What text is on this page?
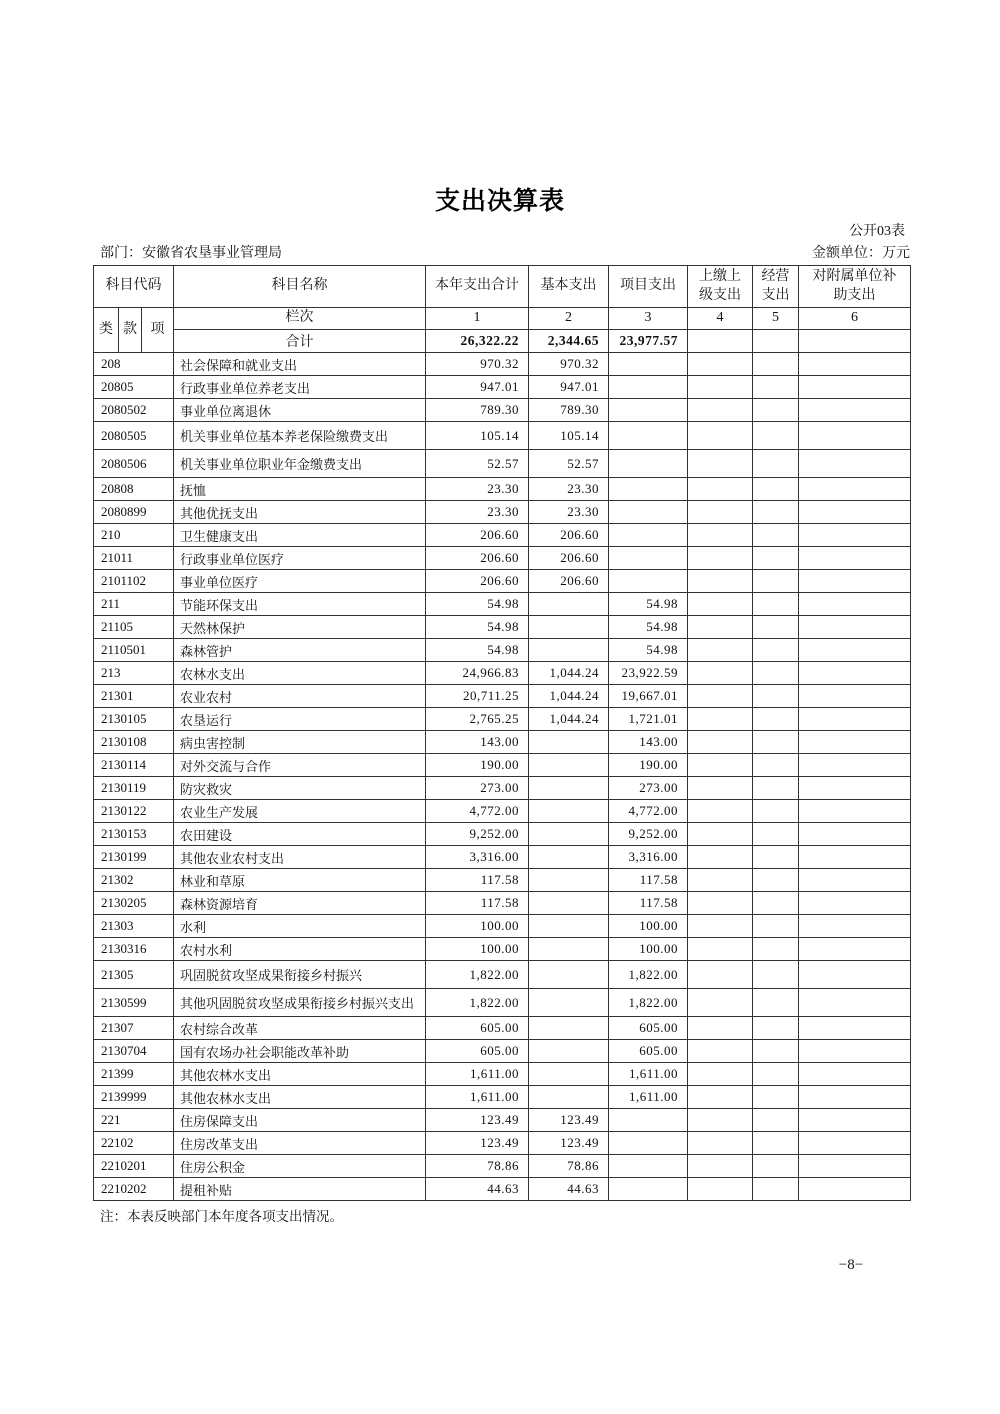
支出决算表
公开03表
部门：安徽省农垦事业管理局	金额单位：万元
科目代码			科目名称	本年支出合计	基本支出	项目支出	上缴上级支出	经营支出	对附属单位补助支出
类	款	项	栏次	1	2	3	4	5	6
			合计	26,322.22	2,344.65	23,977.57			
208			社会保障和就业支出	970.32	970.32				
20805			行政事业单位养老支出	947.01	947.01				
2080502			事业单位离退休	789.30	789.30				
2080505			机关事业单位基本养老保险缴费支出	105.14	105.14				
2080506			机关事业单位职业年金缴费支出	52.57	52.57				
20808			抚恤	23.30	23.30				
2080899			其他优抚支出	23.30	23.30				
210			卫生健康支出	206.60	206.60				
21011			行政事业单位医疗	206.60	206.60				
2101102			事业单位医疗	206.60	206.60				
211			节能环保支出	54.98		54.98			
21105			天然林保护	54.98		54.98			
2110501			森林管护	54.98		54.98			
213			农林水支出	24,966.83	1,044.24	23,922.59			
21301			农业农村	20,711.25	1,044.24	19,667.01			
2130105			农垦运行	2,765.25	1,044.24	1,721.01			
2130108			病虫害控制	143.00		143.00			
2130114			对外交流与合作	190.00		190.00			
2130119			防灾救灾	273.00		273.00			
2130122			农业生产发展	4,772.00		4,772.00			
2130153			农田建设	9,252.00		9,252.00			
2130199			其他农业农村支出	3,316.00		3,316.00			
21302			林业和草原	117.58		117.58			
2130205			森林资源培育	117.58		117.58			
21303			水利	100.00		100.00			
2130316			农村水利	100.00		100.00			
21305			巩固脱贫攻坚成果衔接乡村振兴	1,822.00		1,822.00			
2130599			其他巩固脱贫攻坚成果衔接乡村振兴支出	1,822.00		1,822.00			
21307			农村综合改革	605.00		605.00			
2130704			国有农场办社会职能改革补助	605.00		605.00			
21399			其他农林水支出	1,611.00		1,611.00			
2139999			其他农林水支出	1,611.00		1,611.00			
221			住房保障支出	123.49	123.49				
22102			住房改革支出	123.49	123.49				
2210201			住房公积金	78.86	78.86				
2210202			提租补贴	44.63	44.63				
注：本表反映部门本年度各项支出情况。
−8−
